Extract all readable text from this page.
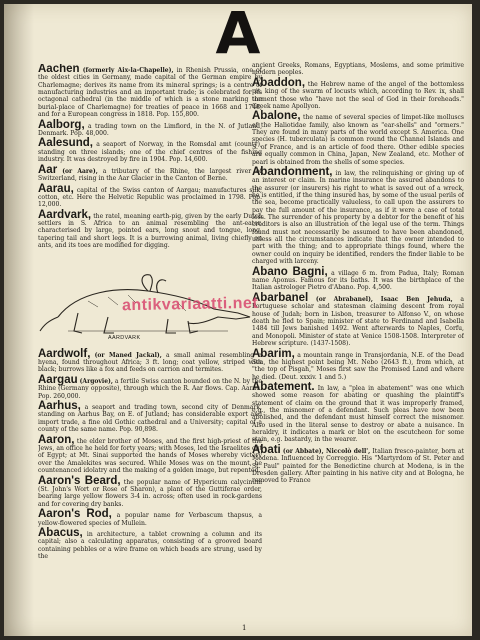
A
Aachen (formerly Aix-la-Chapelle), in Rhenish Prussia, one of the oldest cities in Germany, made capital of the German empire by Charlemagne; derives its name from its mineral springs; is a centre of manufacturing industries and an important trade; is celebrated for its octagonal cathedral (in the middle of which is a stone marking the burial-place of Charlemagne) for treaties of peace in 1668 and 1748, and for a European congress in 1818. Pop. 155,800.
Aalborg, a trading town on the Limfiord, in the N. of Jutland, Denmark. Pop. 48,000.
Aalesund, a seaport of Norway, in the Romsdal amt (county), standing on three islands; one of the chief centres of the fishing industry. It was destroyed by fire in 1904. Pop. 14,600.
Aar (or Aare), a tributary of the Rhine, the largest river of Switzerland, rising in the Aar Glacier in the Canton of Berne.
Aarau, capital of the Swiss canton of Aargau; manufactures silk, cotton, etc. Here the Helvetic Republic was proclaimed in 1798. Pop. 12,000.
Aardvark, the ratel, meaning earth-pig, given by the early Dutch settlers in S. Africa to an animal resembling the ant-eater, characterised by large, pointed ears, long snout and tongue, long, tapering tail and short legs. It is a burrowing animal, living chiefly on ants, and its toes are modified for digging.
AARDVARK
Aardwolf, (or Maned Jackal), a small animal resembling a hyena, found throughout Africa; 3 ft. long; coat yellow, striped with black; burrows like a fox and feeds on carrion and termites.
Aargau (Argovie), a fertile Swiss canton bounded on the N. by the Rhine (Germany opposite), through which the R. Aar flows. Cap. Aarau. Pop. 260,000.
Aarhus, a seaport and trading town, second city of Denmark, standing on Aarhus Bay, on E. of Jutland; has considerable export and import trade, a fine old Gothic cathedral and a University; capital of a county of the same name. Pop. 90,898.
Aaron, the elder brother of Moses, and the first high-priest of the Jews, an office he held for forty years; with Moses, led the Israelites out of Egypt; at Mt. Sinai supported the hands of Moses whereby victory over the Amalekites was secured. While Moses was on the mount, he countenanced idolatry and the making of a golden image, but repented.
Aaron's Beard, the popular name of Hypericum calycinum (St. John's Wort or Rose of Sharon), a plant of the Guttiferae order, bearing large yellow flowers 3-4 in. across; often used in rock-gardens and for covering dry banks.
Aaron's Rod, a popular name for Verbascum thapsus, a yellow-flowered species of Mullein.
Abacus, in architecture, a tablet crowning a column and its capital; also a calculating apparatus, consisting of a grooved board containing pebbles or a wire frame on which beads are strung, used by the
ancient Greeks, Romans, Egyptians, Moslems, and some primitive modern peoples.
Abaddon, the Hebrew name of the angel of the bottomless pit, king of the swarm of locusts which, according to Rev. ix, shall torment those who "have not the seal of God in their foreheads." Greek name Apollyon.
Abalone, the name of several species of limpet-like molluscs of the Haliotidae family, also known as "ear-shells" and "ormers." They are found in many parts of the world except S. America. One species (H. tuberculata) is common round the Channel Islands and S. of France, and is an article of food there. Other edible species are equally common in China, Japan, New Zealand, etc. Mother of pearl is obtained from the shells of some species.
Abandonment, in law, the relinquishing or giving up of an interest or claim. In marine insurance the assured abandons to the assurer (or insurers) his right to what is saved out of a wreck, he is entitled, if the thing insured has, by some of the usual perils of the sea, become practically valueless, to call upon the assurers to pay the full amount of the insurance, as if it were a case of total loss. The surrender of his property by a debtor for the benefit of his creditors is also an illustration of the legal use of the term. Things found must not necessarily be assumed to have been abandoned, unless all the circumstances indicate that the owner intended to part with the thing; and to appropriate things found, where the owner could on inquiry be identified, renders the finder liable to be charged with larceny.
Abano Bagni, a village 6 m. from Padua, Italy; Roman name Aponus. Famous for its baths. It was the birthplace of the Italian astrologer Pietro d'Abano. Pop. 4,500.
Abarbanel (or Abrabanel), Isaac Ben Jehuda, a Portuguese scholar and statesman claiming descent from royal house of Judah; born in Lisbon, treasurer to Alfonso V., on whose death he fled to Spain; minister of state to Ferdinand and Isabella 1484 till Jews banished 1492. Went afterwards to Naples, Corfu, and Monopoli. Minister of state at Venice 1508-1508. Interpreter of Hebrew scripture. (1437-1508).
Abarim, a mountain range in Transjordania, N.E. of the Dead Sea, the highest point being Mt. Nebo (2643 ft.), from which, at "the top of Pisgah," Moses first saw the Promised Land and where he died. (Deut. xxxiv. 1 and 5.)
Abatement. In law, a "plea in abatement" was one which showed some reason for abating or quashing the plaintiff's statement of claim on the ground that it was improperly framed, e.g., the misnomer of a defendant. Such pleas have now been abolished, and the defendant must himself correct the misnomer. Also used in the literal sense to destroy or abate a nuisance. In heraldry, it indicates a mark or blot on the escutcheon for some stain, e.g. bastardy, in the wearer.
Abati (or Abbate), Niccolò dell', Italian fresco-painter, born at Modena. Influenced by Correggio. His "Martyrdom of St. Peter and St. Paul" painted for the Benedictine church at Modena, is in the Dresden gallery. After painting in his native city and at Bologna, he removed to France
antikvariaatti.net
1
